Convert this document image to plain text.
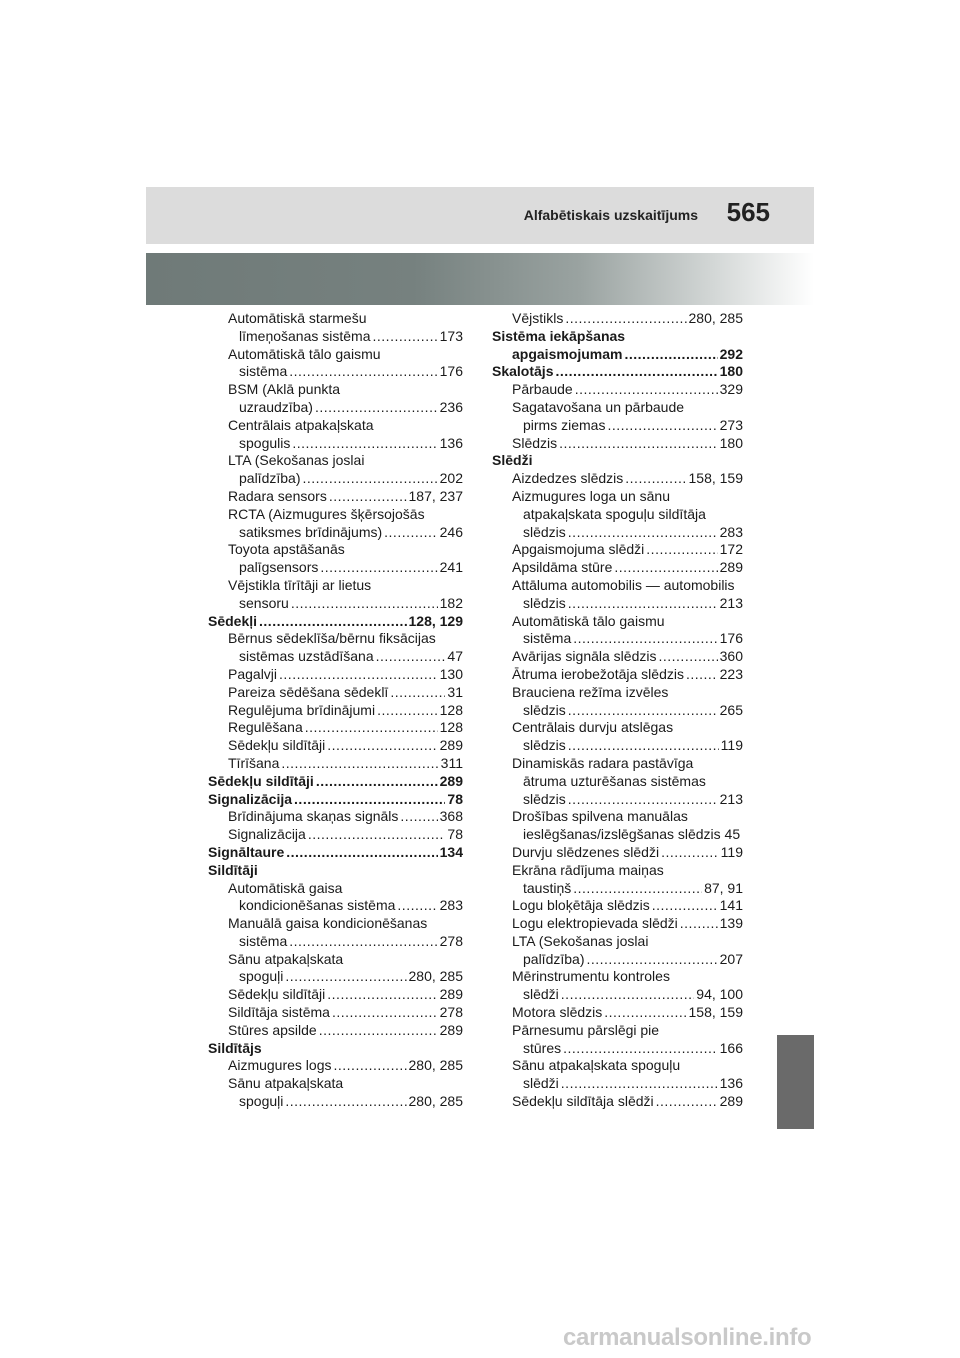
Alfabētiskais uzskaitījums 565
Automātiskā starmešu
līmeņošanas sistēma .....	173
Automātiskā tālo gaismu
sistēma .....	176
BSM (Aklā punkta
uzraudzība) .....	236
Centrālais atpakaļskata
spogulis .....	136
LTA (Sekošanas joslai
palīdzība) .....	202
Radara sensors .....	187, 237
RCTA (Aizmugures šķērsojošās
satiksmes brīdinājums) .....	246
Toyota apstāšanās
palīgsensors .....	241
Vējstikla tīrītāji ar lietus
sensoru .....	182
Sēdekļi .....	128, 129
Bērnus sēdeklīša/bērnu fiksācijas
sistēmas uzstādīšana .....	47
Pagalvji .....	130
Pareiza sēdēšana sēdeklī .....	31
Regulējuma brīdinājumi .....	128
Regulēšana .....	128
Sēdekļu sildītāji .....	289
Tīrīšana .....	311
Sēdekļu sildītāji .....	289
Signalizācija .....	78
Brīdinājuma skaņas signāls .....	368
Signalizācija .....	78
Signāltaure .....	134
Sildītāji
Automātiskā gaisa
kondicionēšanas sistēma .....	283
Manuālā gaisa kondicionēšanas
sistēma .....	278
Sānu atpakaļskata
spoguļi .....	280, 285
Sēdekļu sildītāji .....	289
Sildītāja sistēma .....	278
Stūres apsilde .....	289
Sildītājs
Aizmugures logs .....	280, 285
Sānu atpakaļskata
spoguļi .....	280, 285
Vējstikls .....	280, 285
Sistēma iekāpšanas
apgaismojumam .....	292
Skalotājs .....	180
Pārbaude .....	329
Sagatavošana un pārbaude
pirms ziemas .....	273
Slēdzis .....	180
Slēdži
Aizdedzes slēdzis .....	158, 159
Aizmugures loga un sānu
atpakaļskata spoguļu sildītāja
slēdzis .....	283
Apgaismojuma slēdži .....	172
Apsildāma stūre .....	289
Attāluma automobilis — automobilis
slēdzis .....	213
Automātiskā tālo gaismu
sistēma .....	176
Avārijas signāla slēdzis .....	360
Ātruma ierobežotāja slēdzis .....	223
Brauciena režīma izvēles
slēdzis .....	265
Centrālais durvju atslēgas
slēdzis .....	119
Dinamiskās radara pastāvīga
ātruma uzturēšanas sistēmas
slēdzis .....	213
Drošības spilvena manuālas
ieslēgšanas/izslēgšanas slēdzis 45
Durvju slēdzenes slēdži .....	119
Ekrāna rādījuma maiņas
taustiņš .....	87, 91
Logu bloķētāja slēdzis .....	141
Logu elektropievada slēdži .....	139
LTA (Sekošanas joslai
palīdzība) .....	207
Mērinstrumentu kontroles
slēdži .....	94, 100
Motora slēdzis .....	158, 159
Pārnesumu pārslēgi pie
stūres .....	166
Sānu atpakaļskata spoguļu
slēdži .....	136
Sēdekļu sildītāja slēdži .....	289
carmanualsonline.info
